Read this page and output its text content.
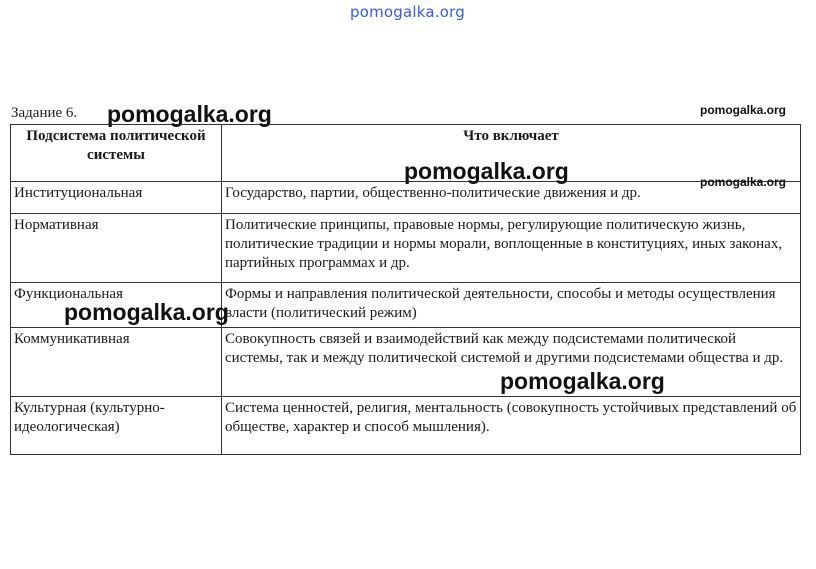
pomogalka.org
Задание 6.
Подсистема политической системы	Что включает
Институциональная	Государство, партии, общественно-политические движения и др.
Нормативная	Политические принципы, правовые нормы, регулирующие политическую жизнь, политические традиции и нормы морали, воплощенные в конституциях, иных законах, партийных программах и др.
Функциональная	Формы и направления политической деятельности, способы и методы осуществления власти (политический режим)
Коммуникативная	Совокупность связей и взаимодействий как между подсистемами политической системы, так и между политической системой и другими подсистемами общества и др.
Культурная (культурно-идеологическая)	Система ценностей, религия, ментальность (совокупность устойчивых представлений об обществе, характер и способ мышления).
pomogalka.org	pomogalka.org
pomogalka.org	pomogalka.org
pomogalka.org
pomogalka.org
